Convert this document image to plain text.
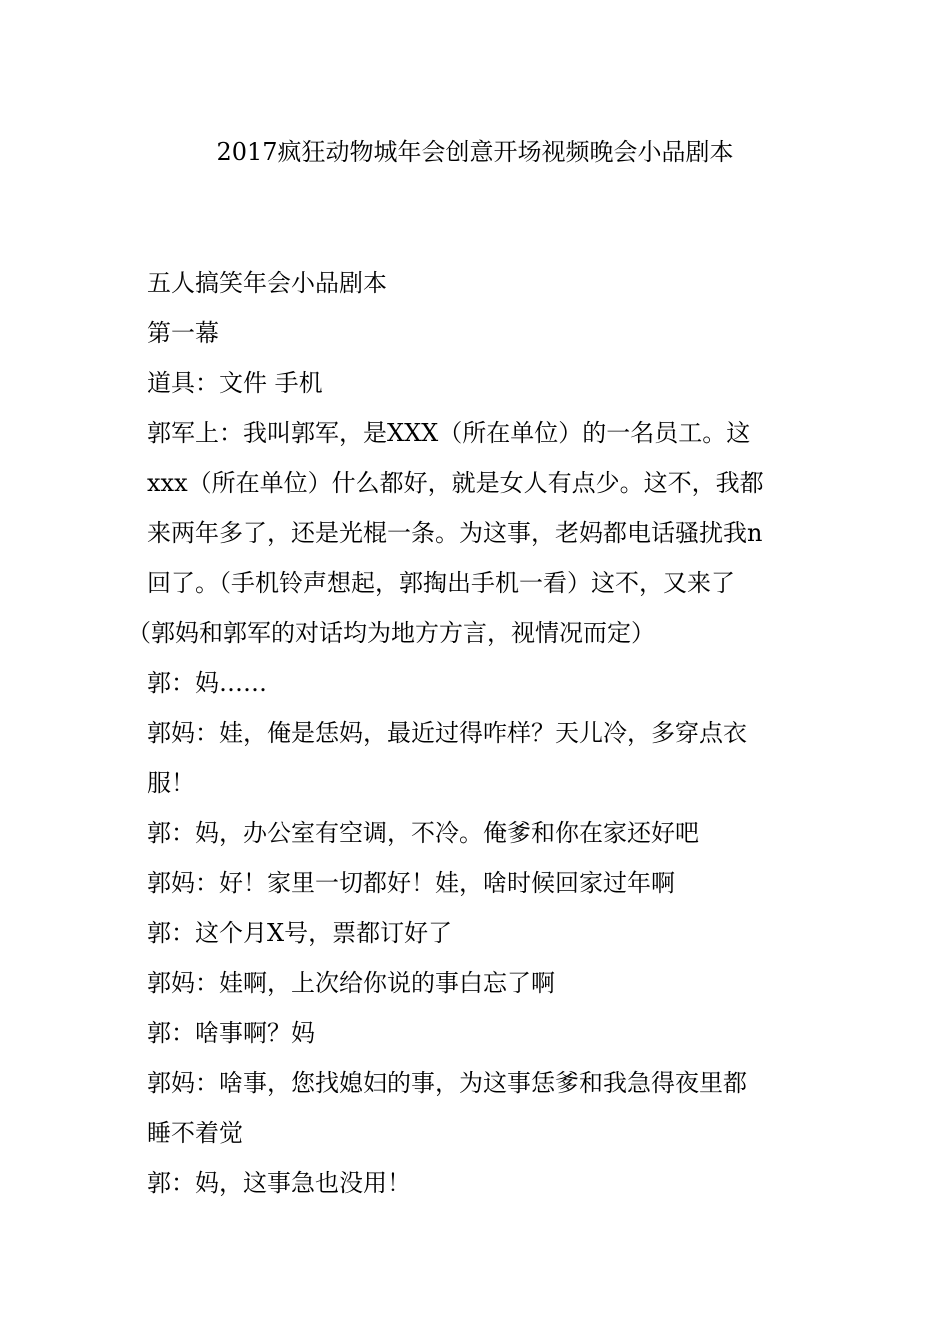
2017疯狂动物城年会创意开场视频晚会小品剧本
五人搞笑年会小品剧本
第一幕
道具：文件 手机
郭军上：我叫郭军，是XXX（所在单位）的一名员工。这
xxx（所在单位）什么都好，就是女人有点少。这不，我都
来两年多了，还是光棍一条。为这事，老妈都电话骚扰我n
回了。（手机铃声想起，郭掏出手机一看）这不，又来了
（郭妈和郭军的对话均为地方方言，视情况而定）
郭：妈……
郭妈：娃，俺是恁妈，最近过得咋样？天儿冷，多穿点衣
服！
郭：妈，办公室有空调，不冷。俺爹和你在家还好吧
郭妈：好！家里一切都好！娃，啥时候回家过年啊
郭：这个月X号，票都订好了
郭妈：娃啊，上次给你说的事白忘了啊
郭：啥事啊？妈
郭妈：啥事，您找媳妇的事，为这事恁爹和我急得夜里都
睡不着觉
郭：妈，这事急也没用！
